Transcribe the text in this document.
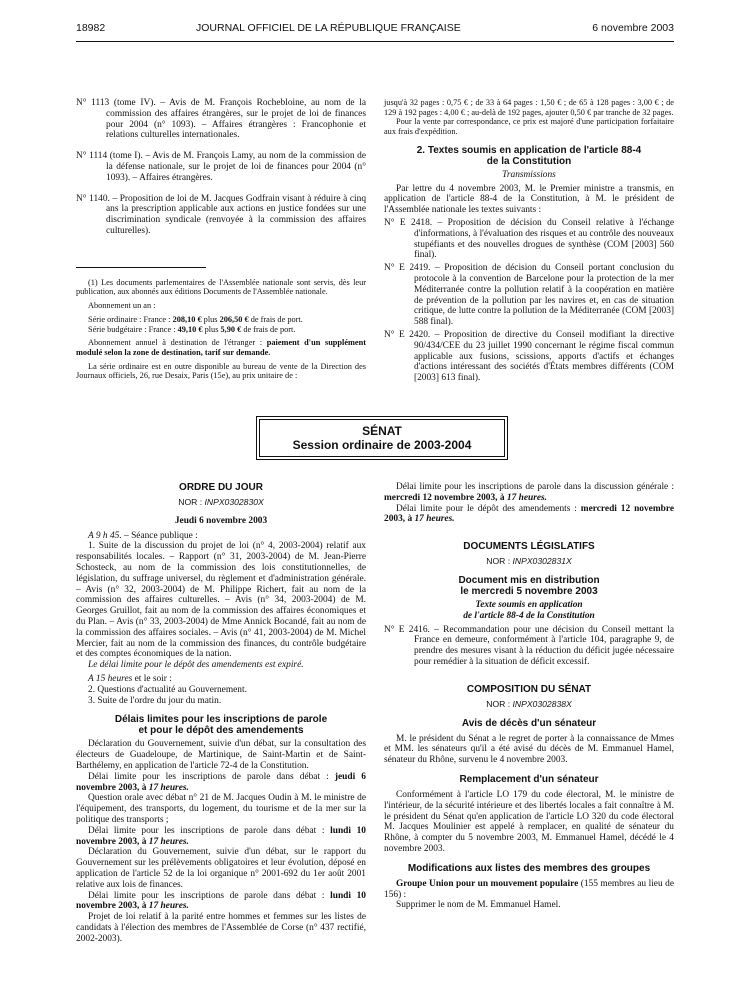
18982	JOURNAL OFFICIEL DE LA RÉPUBLIQUE FRANÇAISE	6 novembre 2003

N° 1113 (tome IV). – Avis de M. François Rochebloine, au nom de la commission des affaires étrangères, sur le projet de loi de finances pour 2004 (n° 1093). – Affaires étrangères : Francophonie et relations culturelles internationales.

N° 1114 (tome I). – Avis de M. François Lamy, au nom de la commission de la défense nationale, sur le projet de loi de finances pour 2004 (n° 1093). – Affaires étrangères.

N° 1140. – Proposition de loi de M. Jacques Godfrain visant à réduire à cinq ans la prescription applicable aux actions en justice fondées sur une discrimination syndicale (renvoyée à la commission des affaires culturelles).

(1) Les documents parlementaires de l'Assemblée nationale sont servis, dès leur publication, aux abonnés aux éditions Documents de l'Assemblée nationale.

Abonnement un an :

Série ordinaire : France : 208,10 € plus 206,50 € de frais de port.

Série budgétaire : France : 49,10 € plus 5,90 € de frais de port.

Abonnement annuel à destination de l'étranger : paiement d'un supplément modulé selon la zone de destination, tarif sur demande.

La série ordinaire est en outre disponible au bureau de vente de la Direction des Journaux officiels, 26, rue Desaix, Paris (15e), au prix unitaire de :

jusqu'à 32 pages : 0,75 € ; de 33 à 64 pages : 1,50 € ; de 65 à 128 pages : 3,00 € ; de 129 à 192 pages : 4,00 € ; au-delà de 192 pages, ajouter 0,50 € par tranche de 32 pages.

Pour la vente par correspondance, ce prix est majoré d'une participation forfaitaire aux frais d'expédition.

2. Textes soumis en application de l'article 88-4

de la Constitution

Transmissions

Par lettre du 4 novembre 2003, M. le Premier ministre a transmis, en application de l'article 88-4 de la Constitution, à M. le président de l'Assemblée nationale les textes suivants :

N° E 2418. – Proposition de décision du Conseil relative à l'échange d'informations, à l'évaluation des risques et au contrôle des nouveaux stupéfiants et des nouvelles drogues de synthèse (COM [2003] 560 final).

N° E 2419. – Proposition de décision du Conseil portant conclusion du protocole à la convention de Barcelone pour la protection de la mer Méditerranée contre la pollution relatif à la coopération en matière de prévention de la pollution par les navires et, en cas de situation critique, de lutte contre la pollution de la Méditerranée (COM [2003] 588 final).

N° E 2420. – Proposition de directive du Conseil modifiant la directive 90/434/CEE du 23 juillet 1990 concernant le régime fiscal commun applicable aux fusions, scissions, apports d'actifs et échanges d'actions intéressant des sociétés d'États membres différents (COM [2003] 613 final).

SÉNAT
Session ordinaire de 2003-2004

ORDRE DU JOUR

NOR : INPX0302830X

Jeudi 6 novembre 2003

A 9 h 45. – Séance publique :

1. Suite de la discussion du projet de loi (n° 4, 2003-2004) relatif aux responsabilités locales. – Rapport (n° 31, 2003-2004) de M. Jean-Pierre Schosteck, au nom de la commission des lois constitutionnelles, de législation, du suffrage universel, du règlement et d'administration générale. – Avis (n° 32, 2003-2004) de M. Philippe Richert, fait au nom de la commission des affaires culturelles. – Avis (n° 34, 2003-2004) de M. Georges Gruillot, fait au nom de la commission des affaires économiques et du Plan. – Avis (n° 33, 2003-2004) de Mme Annick Bocandé, fait au nom de la commission des affaires sociales. – Avis (n° 41, 2003-2004) de M. Michel Mercier, fait au nom de la commission des finances, du contrôle budgétaire et des comptes économiques de la nation.

Le délai limite pour le dépôt des amendements est expiré.

A 15 heures et le soir :

2. Questions d'actualité au Gouvernement.

3. Suite de l'ordre du jour du matin.

Délais limites pour les inscriptions de parole

et pour le dépôt des amendements

Déclaration du Gouvernement, suivie d'un débat, sur la consultation des électeurs de Guadeloupe, de Martinique, de Saint-Martin et de Saint-Barthélemy, en application de l'article 72-4 de la Constitution.

Délai limite pour les inscriptions de parole dans débat : jeudi 6 novembre 2003, à 17 heures.

Question orale avec débat n° 21 de M. Jacques Oudin à M. le ministre de l'équipement, des transports, du logement, du tourisme et de la mer sur la politique des transports ;

Délai limite pour les inscriptions de parole dans débat : lundi 10 novembre 2003, à 17 heures.

Déclaration du Gouvernement, suivie d'un débat, sur le rapport du Gouvernement sur les prélèvements obligatoires et leur évolution, déposé en application de l'article 52 de la loi organique n° 2001-692 du 1er août 2001 relative aux lois de finances.

Délai limite pour les inscriptions de parole dans débat : lundi 10 novembre 2003, à 17 heures.

Projet de loi relatif à la parité entre hommes et femmes sur les listes de candidats à l'élection des membres de l'Assemblée de Corse (n° 437 rectifié, 2002-2003).

Délai limite pour les inscriptions de parole dans la discussion générale : mercredi 12 novembre 2003, à 17 heures.

Délai limite pour le dépôt des amendements : mercredi 12 novembre 2003, à 17 heures.

DOCUMENTS LÉGISLATIFS

NOR : INPX0302831X

Document mis en distribution

le mercredi 5 novembre 2003

Texte soumis en application

de l'article 88-4 de la Constitution

N° E 2416. – Recommandation pour une décision du Conseil mettant la France en demeure, conformément à l'article 104, paragraphe 9, de prendre des mesures visant à la réduction du déficit jugée nécessaire pour remédier à la situation de déficit excessif.

COMPOSITION DU SÉNAT

NOR : INPX0302838X

Avis de décès d'un sénateur

M. le président du Sénat a le regret de porter à la connaissance de Mmes et MM. les sénateurs qu'il a été avisé du décès de M. Emmanuel Hamel, sénateur du Rhône, survenu le 4 novembre 2003.

Remplacement d'un sénateur

Conformément à l'article LO 179 du code électoral, M. le ministre de l'intérieur, de la sécurité intérieure et des libertés locales a fait connaître à M. le président du Sénat qu'en application de l'article LO 320 du code électoral M. Jacques Moulinier est appelé à remplacer, en qualité de sénateur du Rhône, à compter du 5 novembre 2003, M. Emmanuel Hamel, décédé le 4 novembre 2003.

Modifications aux listes des membres des groupes

Groupe Union pour un mouvement populaire (155 membres au lieu de 156) :

Supprimer le nom de M. Emmanuel Hamel.
